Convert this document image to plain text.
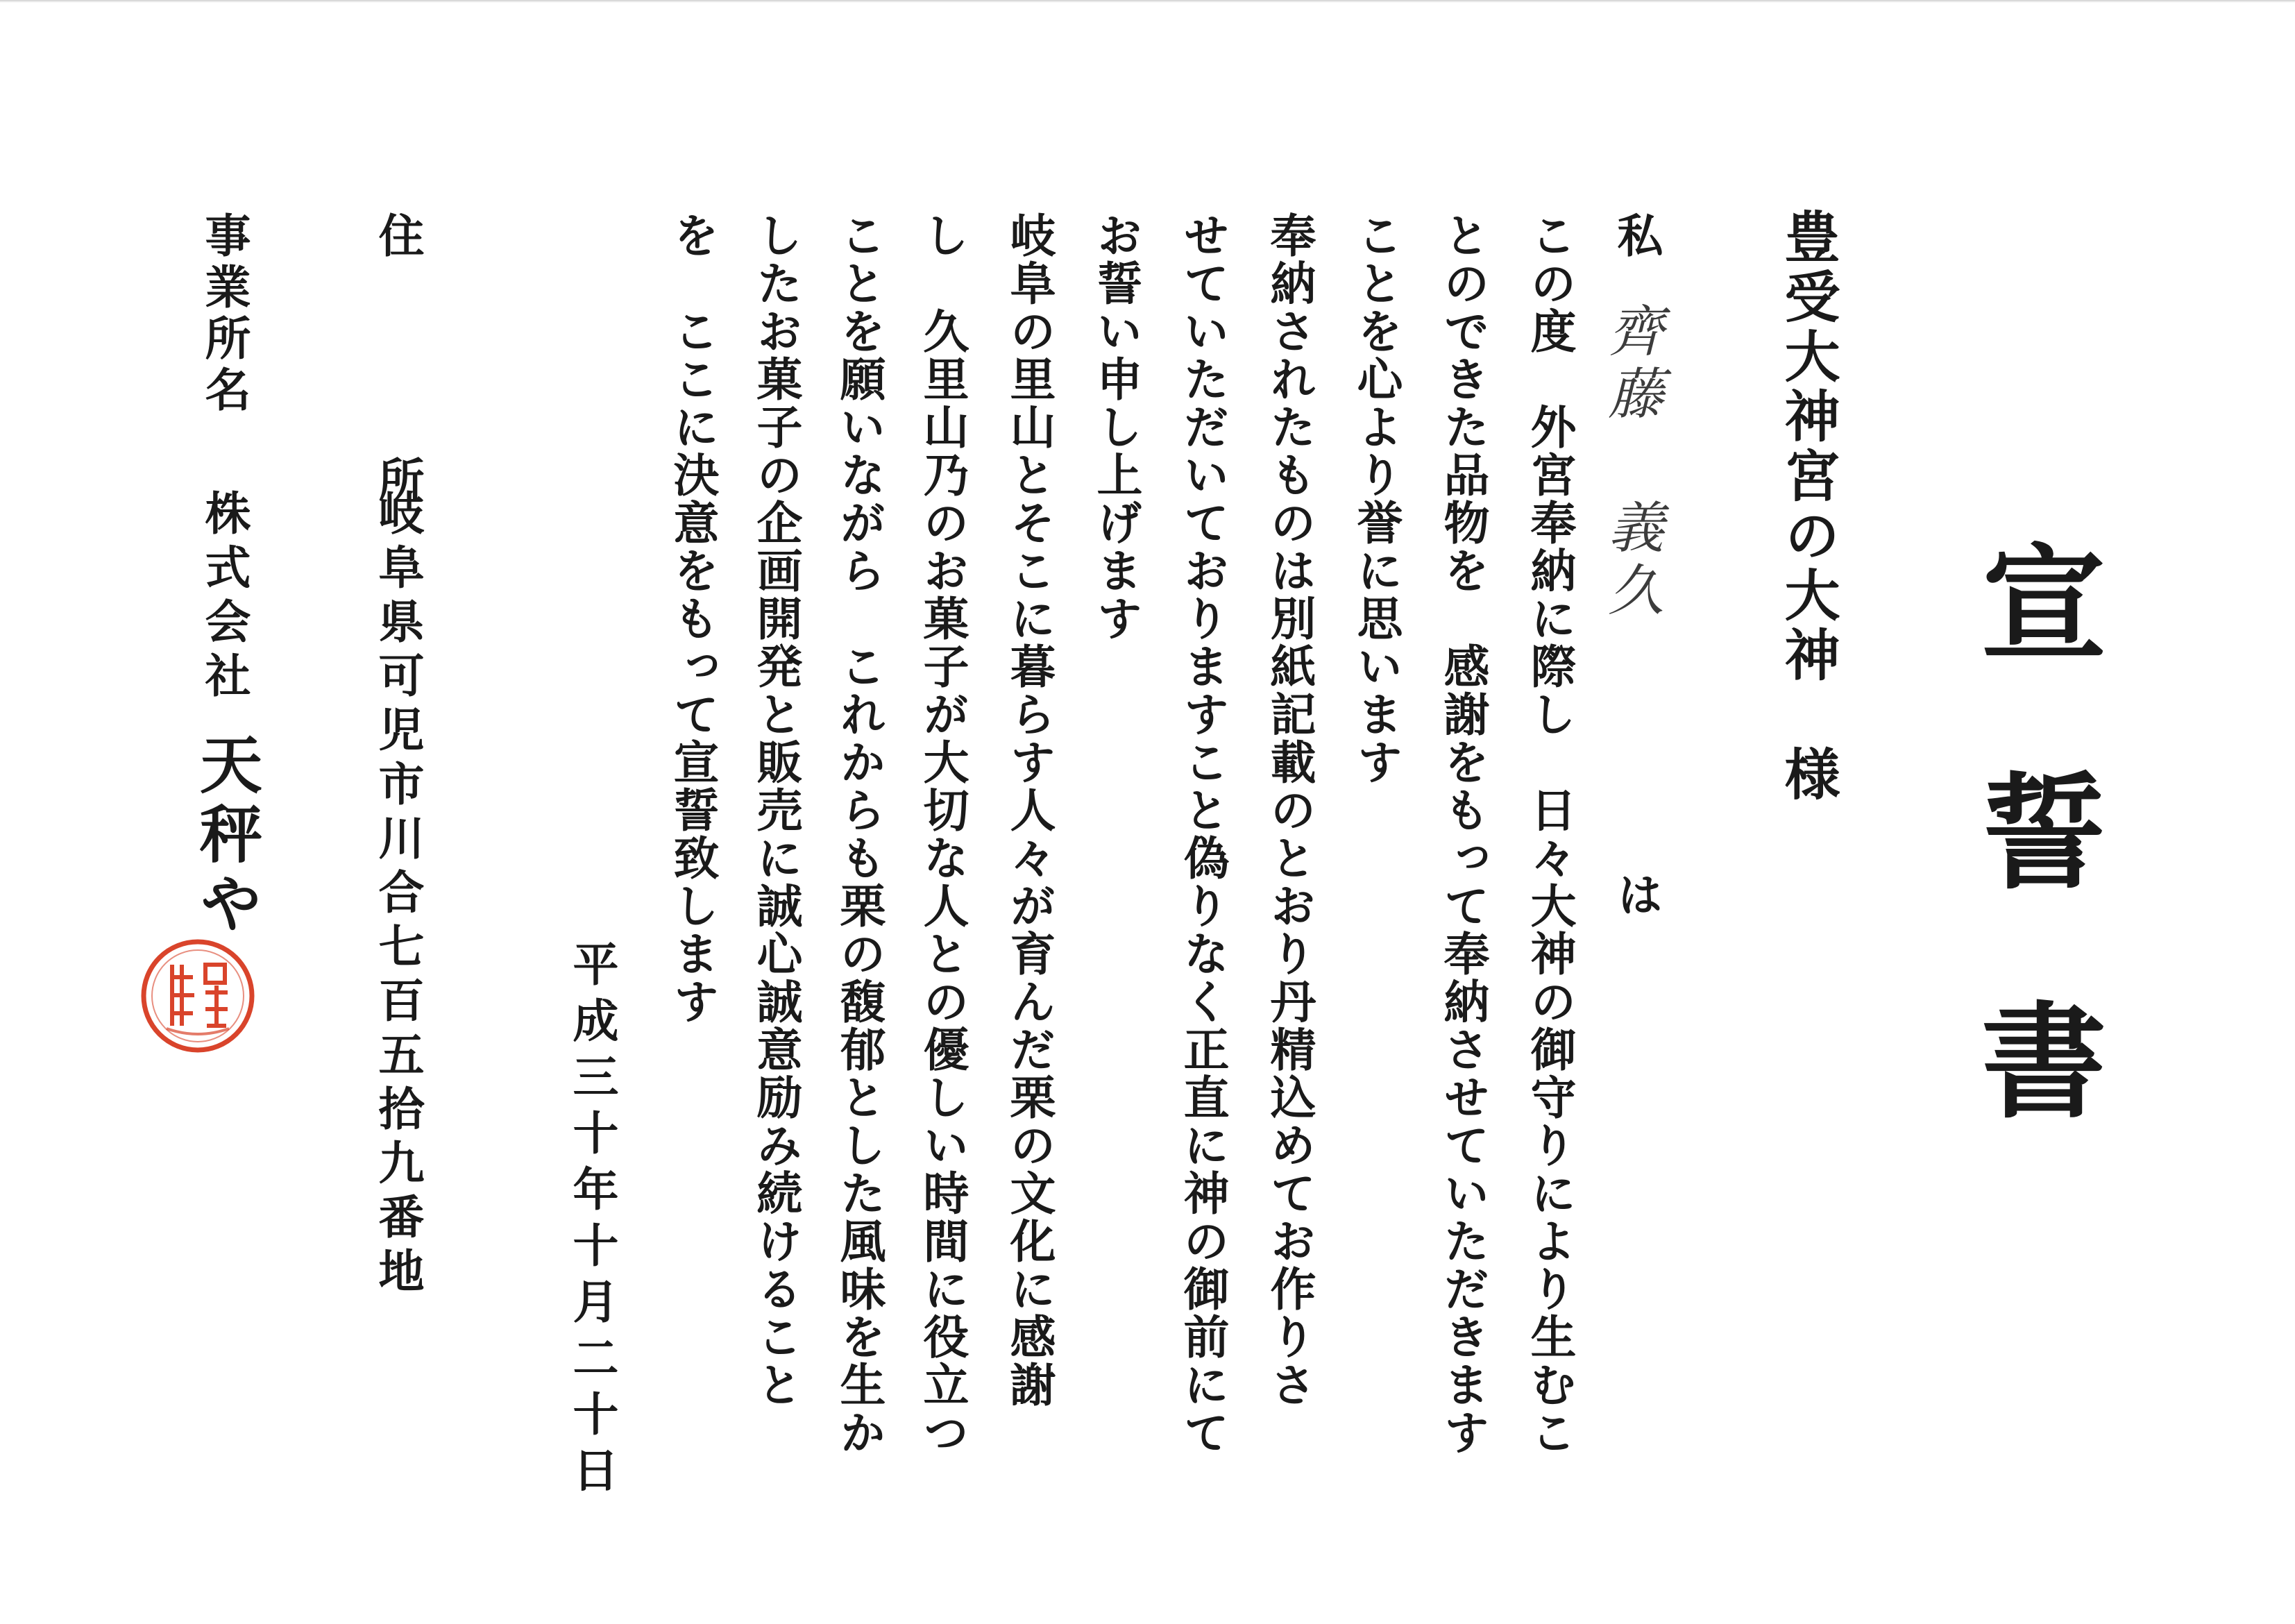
宣誓書
豊受大神宮の大神　様
私
齊藤 義久
は
この度　外宮奉納に際し　日々大神の御守りにより生むこ
とのできた品物を　感謝をもって奉納させていただきます
ことを心より誉に思います
奉納されたものは別紙記載のとおり丹精込めてお作りさ
せていただいておりますこと偽りなく正直に神の御前にて
お誓い申し上げます
岐阜の里山とそこに暮らす人々が育んだ栗の文化に感謝
し　久里山乃のお菓子が大切な人との優しい時間に役立つ
ことを願いながら　これからも栗の馥郁とした風味を生か
したお菓子の企画開発と販売に誠心誠意励み続けること
を　ここに決意をもって宣誓致します
平成三十年十月二十日
住　所
岐阜県可児市川合七百五拾九番地
事業所名
株式会社
天秤や
